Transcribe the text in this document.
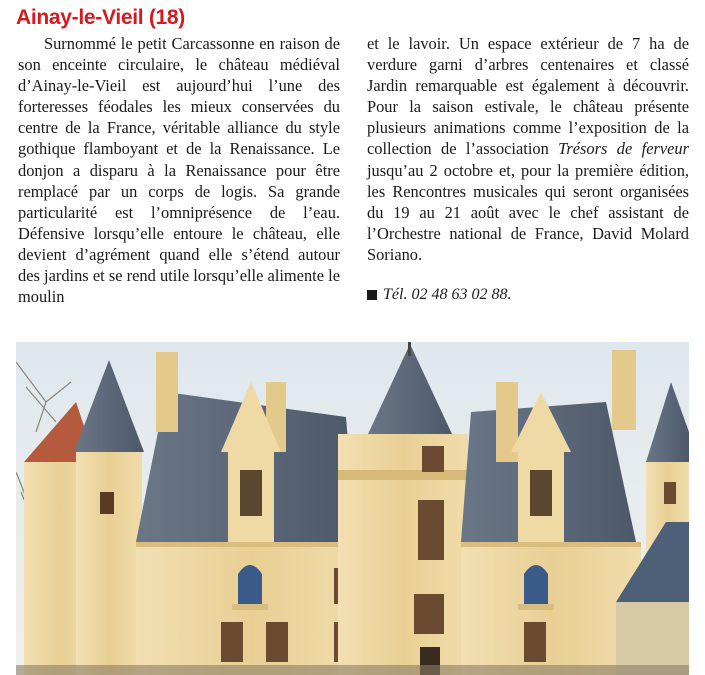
Ainay-le-Vieil (18)

Surnommé le petit Carcassonne en raison de son enceinte circulaire, le château médiéval d’Ainay-le-Vieil est aujourd’hui l’une des forteresses féodales les mieux conservées du centre de la France, véritable alliance du style gothique flamboyant et de la Renaissance. Le donjon a disparu à la Renaissance pour être remplacé par un corps de logis. Sa grande particularité est l’omniprésence de l’eau. Défensive lorsqu’elle entoure le château, elle devient d’agrément quand elle s’étend autour des jardins et se rend utile lorsqu’elle alimente le moulin

et le lavoir. Un espace extérieur de 7 ha de verdure garni d’arbres centenaires et classé Jardin remarquable est également à découvrir. Pour la saison estivale, le château présente plusieurs animations comme l’exposition de la collection de l’association Trésors de ferveur jusqu’au 2 octobre et, pour la première édition, les Rencontres musicales qui seront organisées du 19 au 21 août avec le chef assistant de l’Orchestre national de France, David Molard Soriano.

Tél. 02 48 63 02 88.
